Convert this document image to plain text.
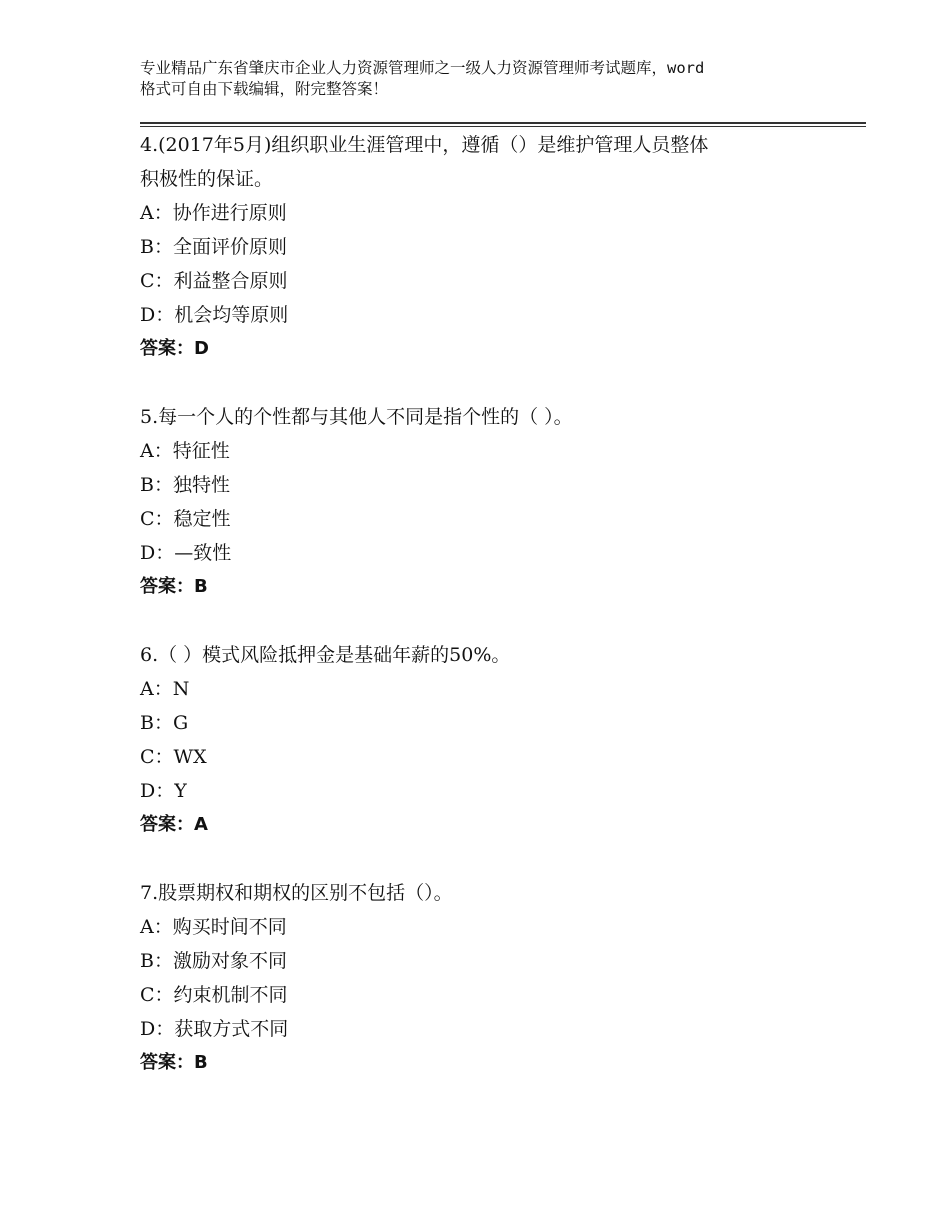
专业精品广东省肇庆市企业人力资源管理师之一级人力资源管理师考试题库，word
格式可自由下载编辑，附完整答案！

4.(2017年5月)组织职业生涯管理中，遵循（）是维护管理人员整体

积极性的保证。

A：协作进行原则

B：全面评价原则

C：利益整合原则

D：机会均等原则

答案：D

5.每一个人的个性都与其他人不同是指个性的（ ）。

A：特征性

B：独特性

C：稳定性

D：—致性

答案：B

6.（ ）模式风险抵押金是基础年薪的50%。

A：N

B：G

C：WX

D：Y

答案：A

7.股票期权和期权的区别不包括（）。

A：购买时间不同

B：激励对象不同

C：约束机制不同

D：获取方式不同

答案：B
